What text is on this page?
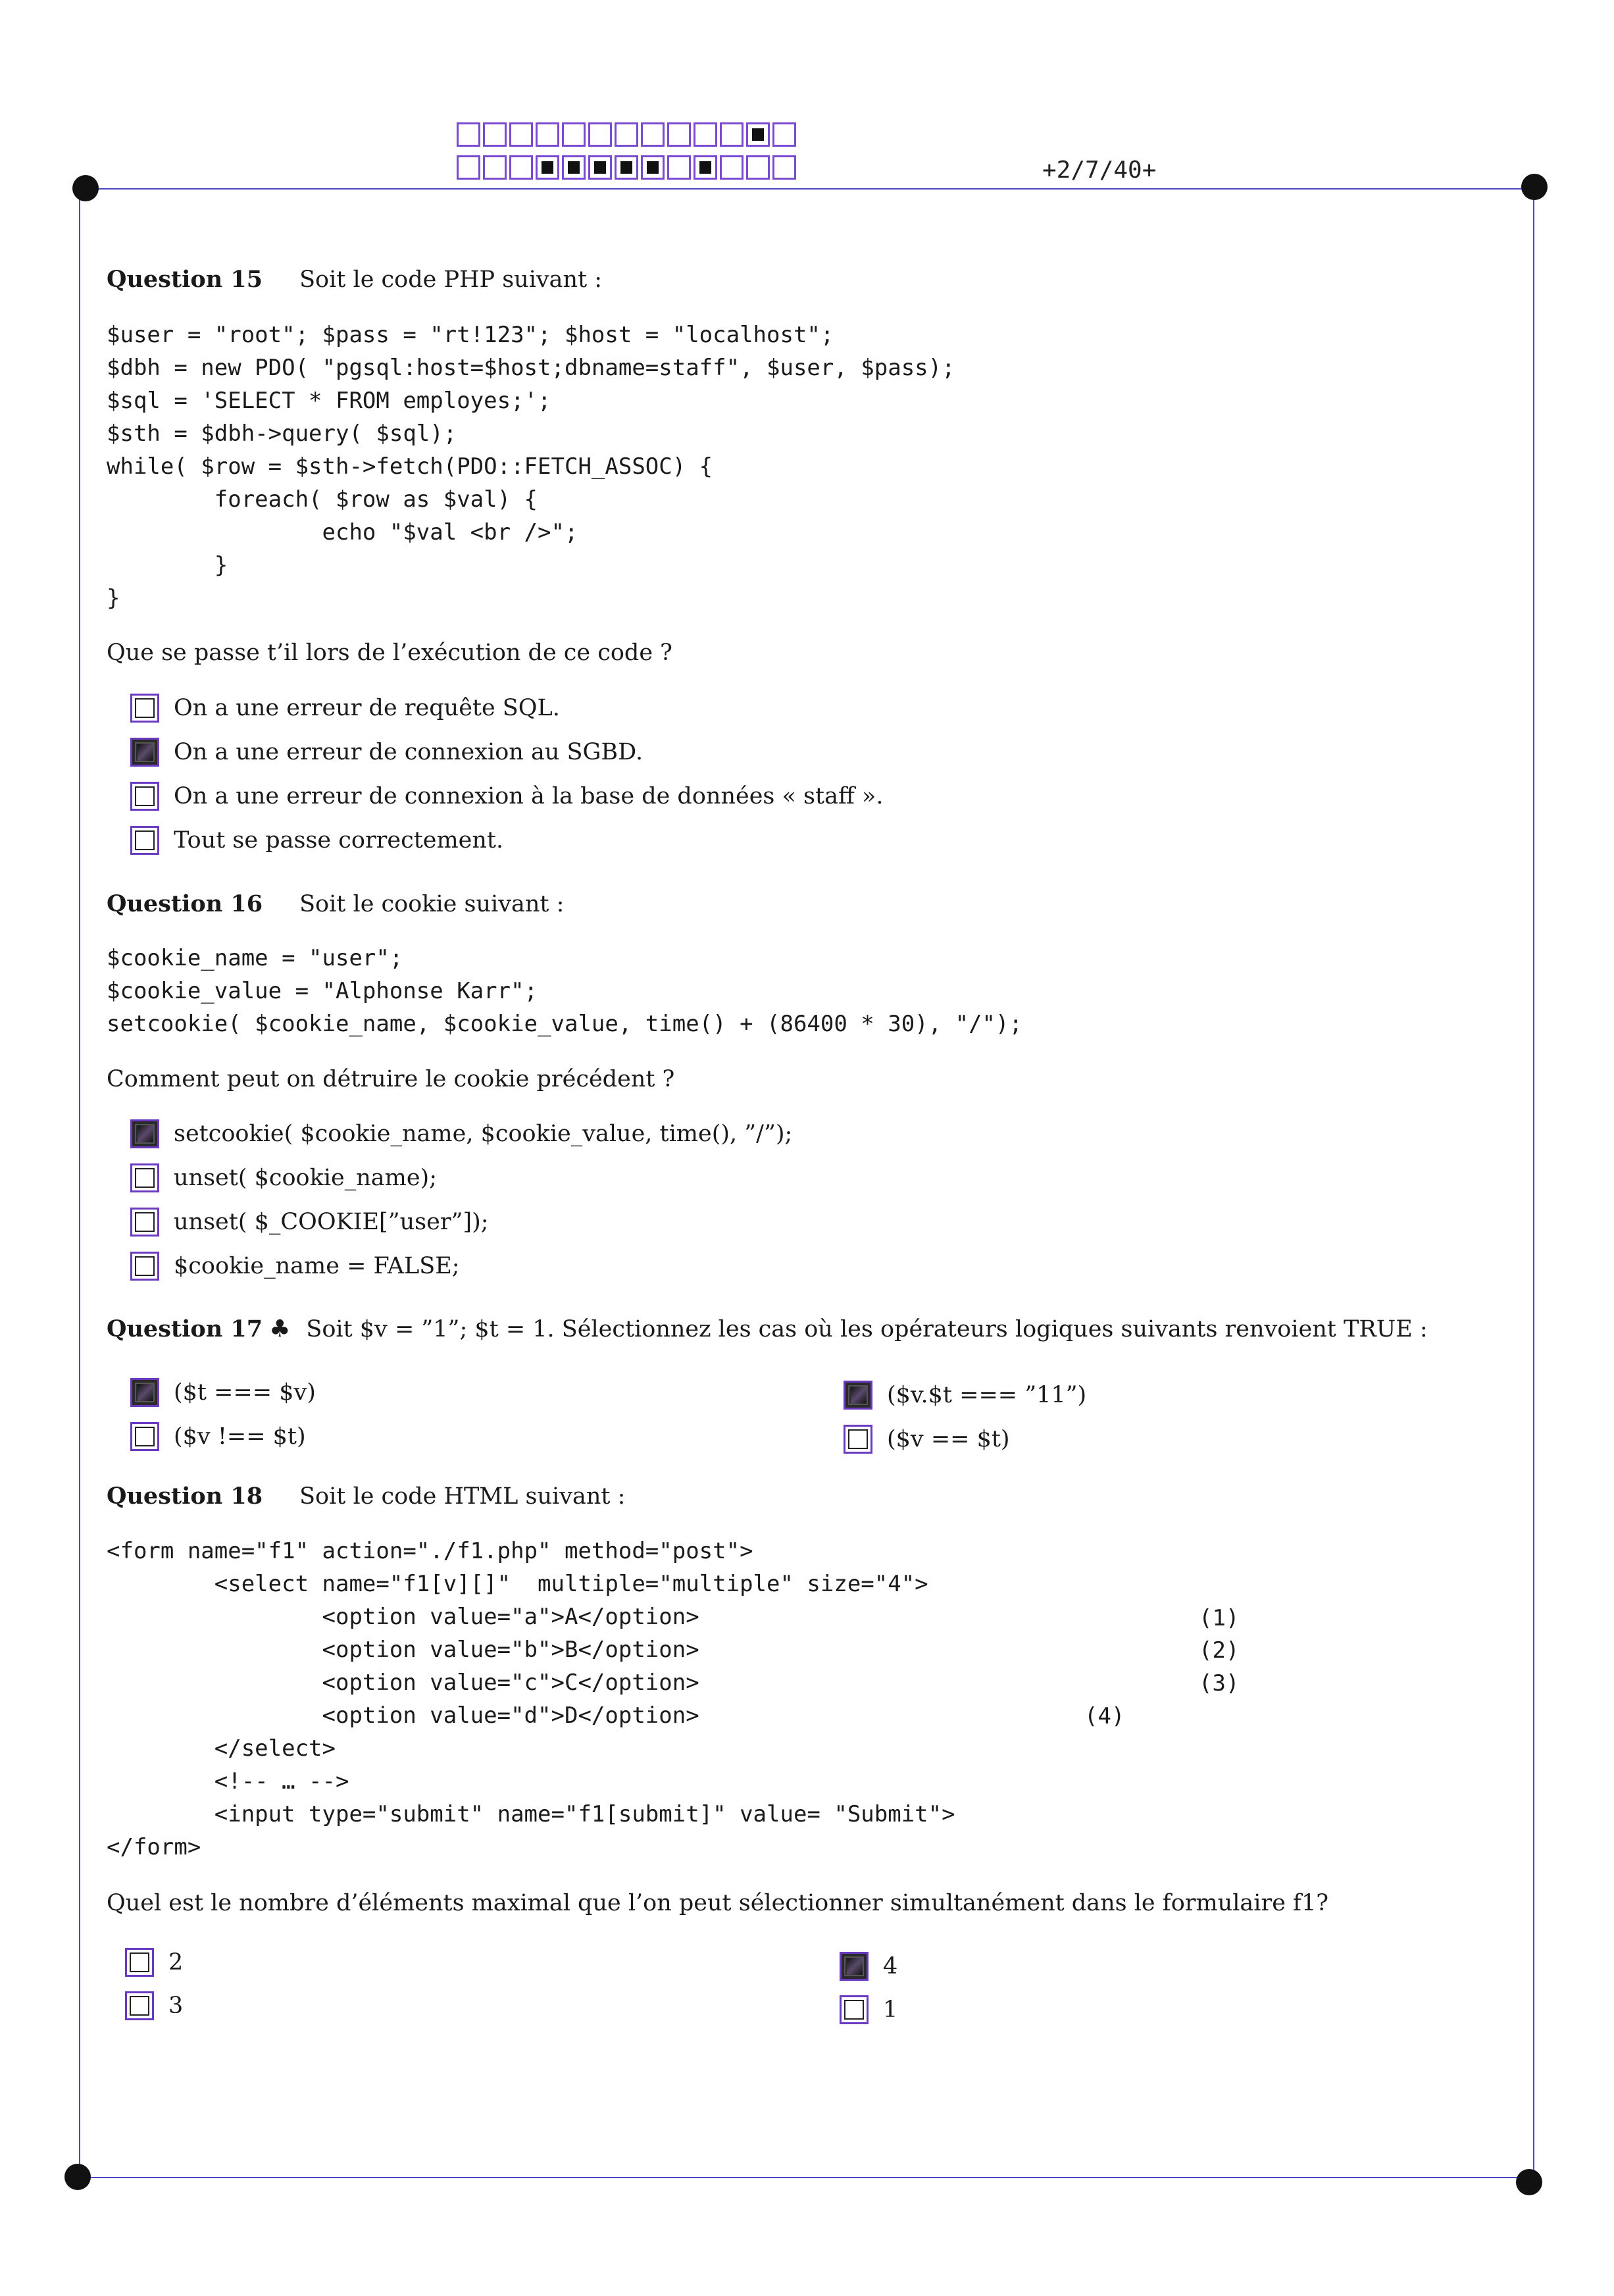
+2/7/40+
Question 15 Soit le code PHP suivant :
$user = "root"; $pass = "rt!123"; $host = "localhost";
$dbh = new PDO( "pgsql:host=$host;dbname=staff", $user, $pass);
$sql = 'SELECT * FROM employes;';
$sth = $dbh->query( $sql);
while( $row = $sth->fetch(PDO::FETCH_ASSOC) {
foreach( $row as $val) {
echo "$val <br />";
}
}
Que se passe t’il lors de l’exécution de ce code ?
On a une erreur de requête SQL.
On a une erreur de connexion au SGBD.
On a une erreur de connexion à la base de données « staff ».
Tout se passe correctement.
Question 16 Soit le cookie suivant :
$cookie_name = "user";
$cookie_value = "Alphonse Karr";
setcookie( $cookie_name, $cookie_value, time() + (86400 * 30), "/");
Comment peut on détruire le cookie précédent ?
setcookie( $cookie_name, $cookie_value, time(), ”/”);
unset( $cookie_name);
unset( $_COOKIE[”user”]);
$cookie_name = FALSE;
Question 17 ♣ Soit $v = ”1”; $t = 1. Sélectionnez les cas où les opérateurs logiques suivants renvoient TRUE :
($t === $v)
($v !== $t)
($v.$t === ”11”)
($v == $t)
Question 18 Soit le code HTML suivant :
<form name="f1" action="./f1.php" method="post">
<select name="f1[v][]"  multiple="multiple" size="4">
<option value="a">A</option>
<option value="b">B</option>
<option value="c">C</option>
<option value="d">D</option>
</select>
<!-- … -->
<input type="submit" name="f1[submit]" value= "Submit">
</form>
(1)
(2)
(3)
(4)
Quel est le nombre d’éléments maximal que l’on peut sélectionner simultanément dans le formulaire f1?
2
3
4
1
